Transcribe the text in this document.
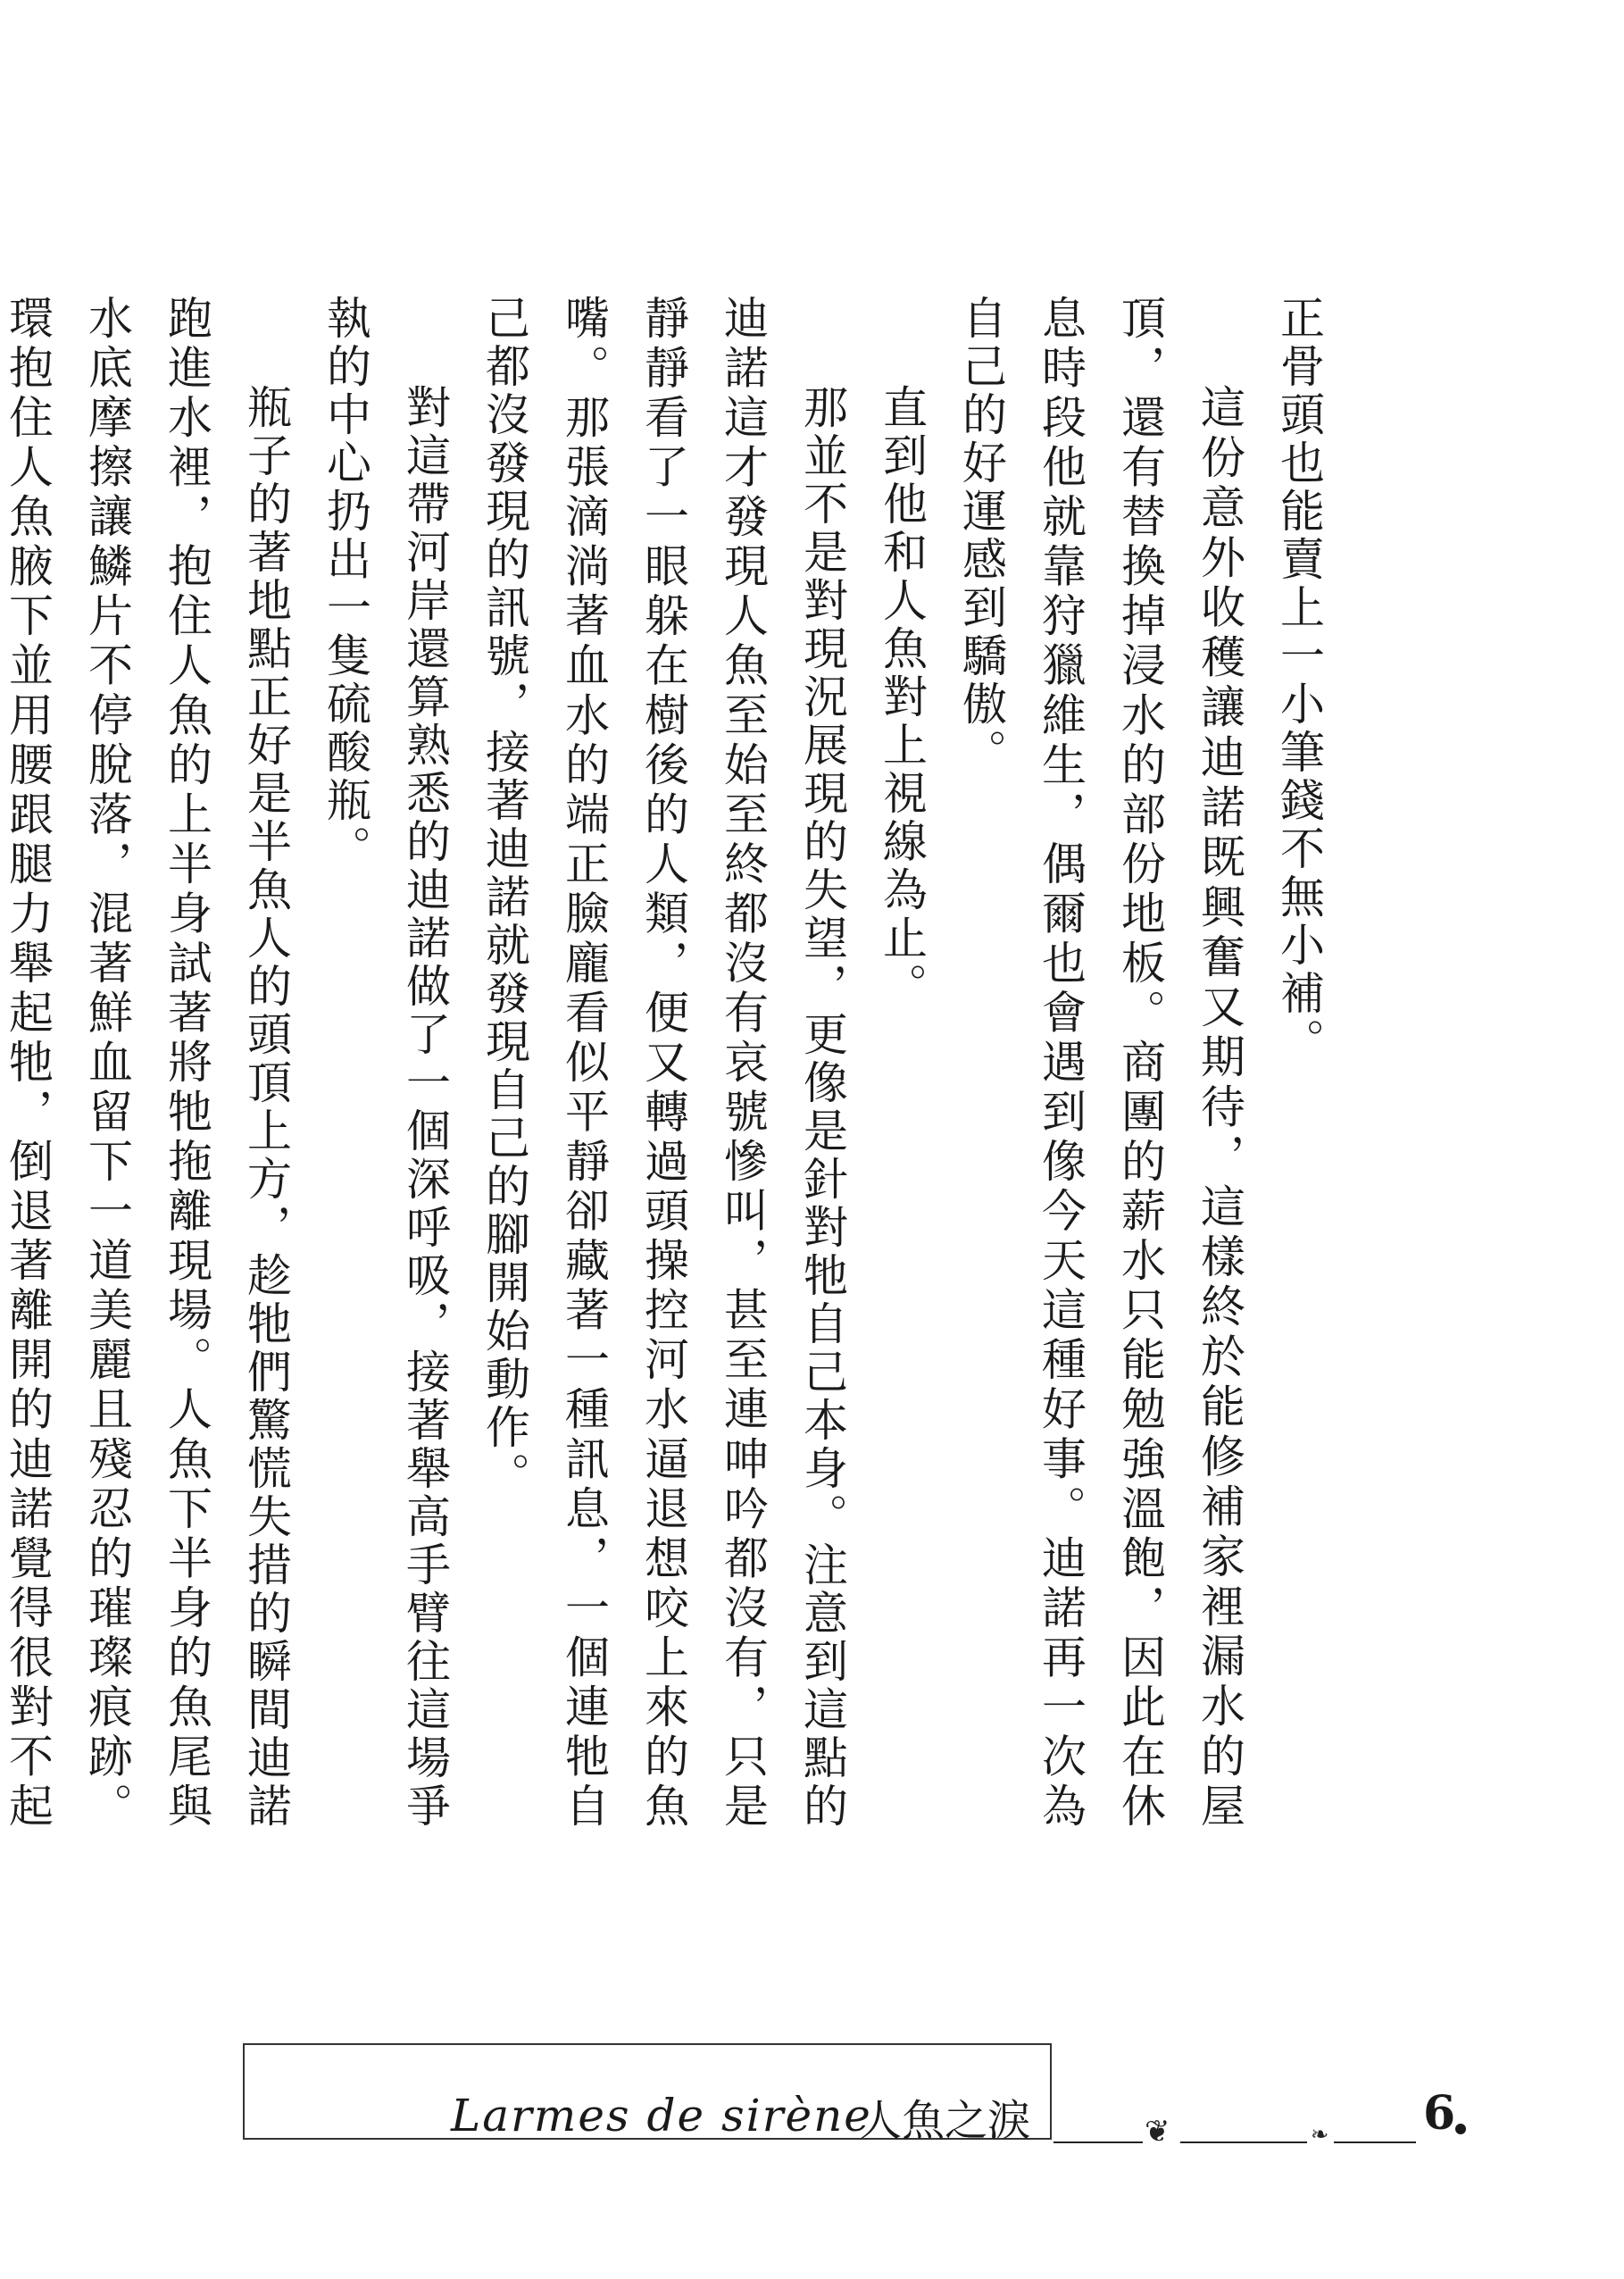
正骨頭也能賣上一小筆錢不無小補。

這份意外收穫讓迪諾既興奮又期待，這樣終於能修補家裡漏水的屋頂，還有替換掉浸水的部份地板。商團的薪水只能勉強溫飽，因此在休息時段他就靠狩獵維生，偶爾也會遇到像今天這種好事。迪諾再一次為自己的好運感到驕傲。

直到他和人魚對上視線為止。

那並不是對現況展現的失望，更像是針對牠自己本身。注意到這點的迪諾這才發現人魚至始至終都沒有哀號慘叫，甚至連呻吟都沒有，只是靜靜看了一眼躲在樹後的人類，便又轉過頭操控河水逼退想咬上來的魚嘴。那張滴淌著血水的端正臉龐看似平靜卻藏著一種訊息，一個連牠自己都沒發現的訊號，接著迪諾就發現自己的腳開始動作。

對這帶河岸還算熟悉的迪諾做了一個深呼吸，接著舉高手臂往這場爭執的中心扔出一隻硫酸瓶。

瓶子的著地點正好是半魚人的頭頂上方，趁牠們驚慌失措的瞬間迪諾跑進水裡，抱住人魚的上半身試著將牠拖離現場。人魚下半身的魚尾與水底摩擦讓鱗片不停脫落，混著鮮血留下一道美麗且殘忍的璀璨痕跡。環抱住人魚腋下並用腰跟腿力舉起牠，倒退著離開的迪諾覺得很對不起

Larmes de sirène
人魚之淚	❦	❧ 6
